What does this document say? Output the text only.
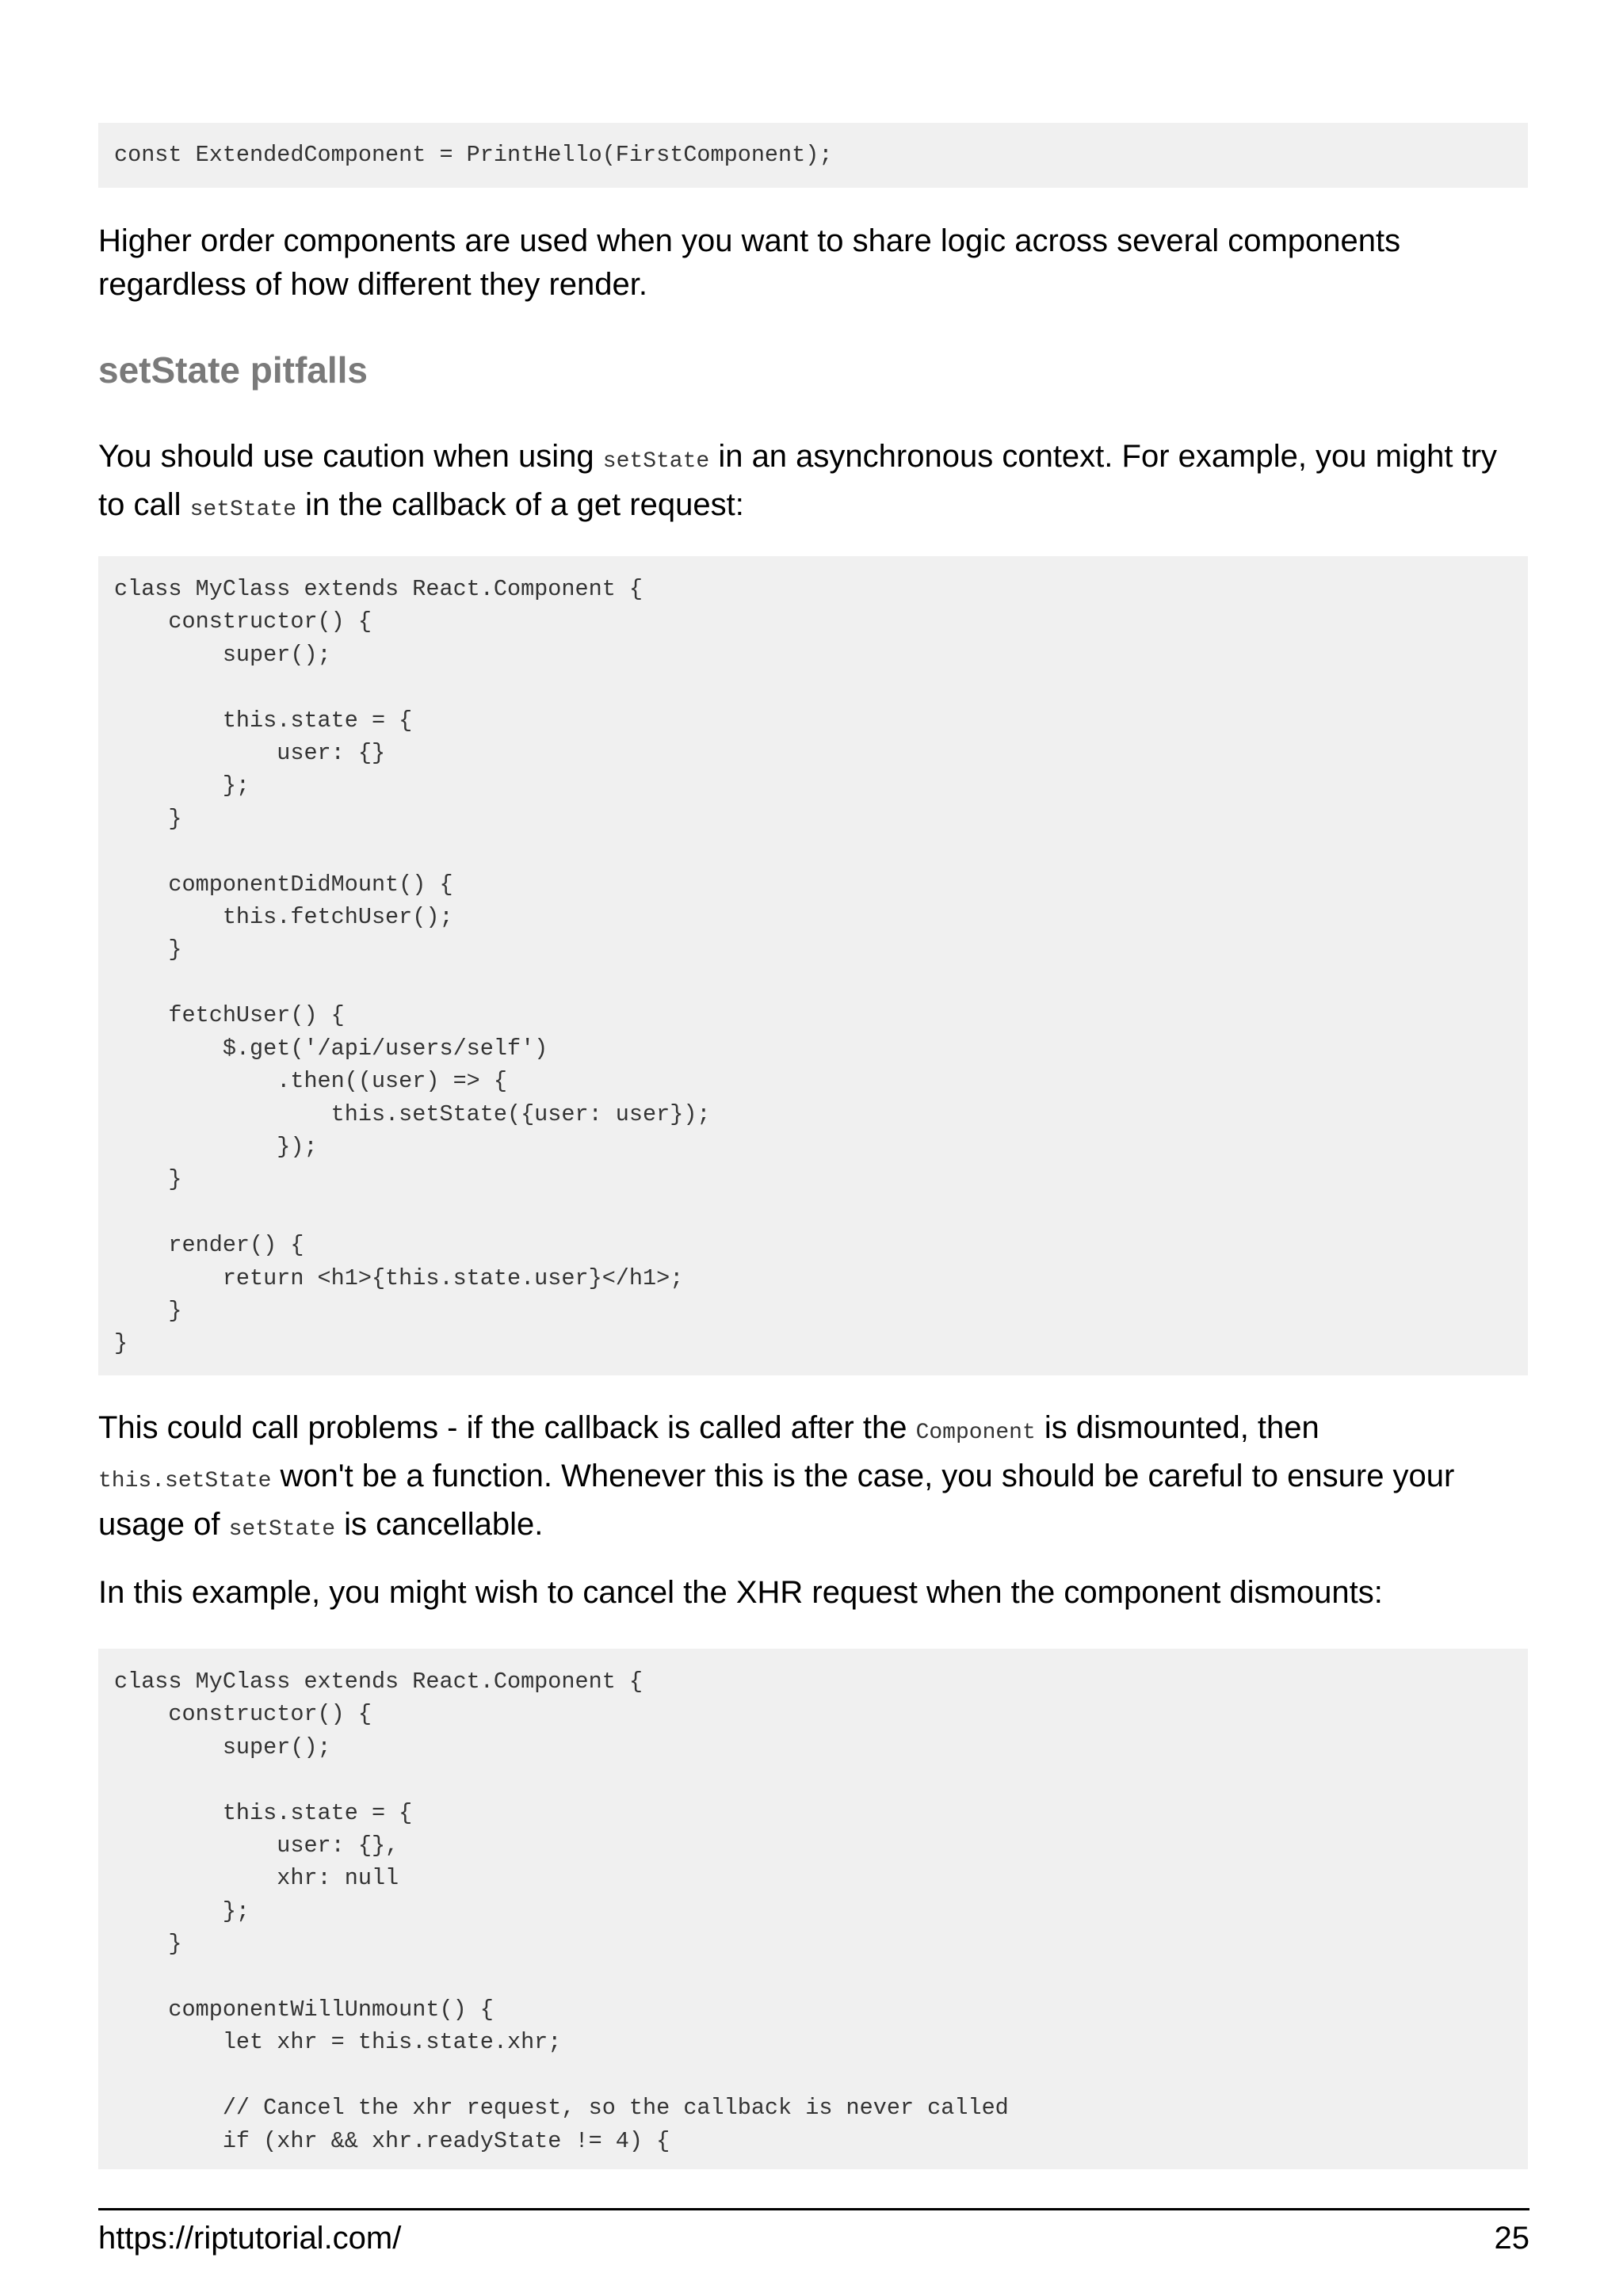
const ExtendedComponent = PrintHello(FirstComponent);

Higher order components are used when you want to share logic across several components regardless of how different they render.

setState pitfalls

You should use caution when using setState in an asynchronous context. For example, you might try to call setState in the callback of a get request:

class MyClass extends React.Component {
constructor() {
super();

this.state = {
user: {}
};
}

componentDidMount() {
this.fetchUser();
}

fetchUser() {
$.get('/api/users/self')
.then((user) => {
this.setState({user: user});
});
}

render() {
return <h1>{this.state.user}</h1>;
}
}

This could call problems - if the callback is called after the Component is dismounted, then
this.setState won't be a function. Whenever this is the case, you should be careful to ensure your usage of setState is cancellable.

In this example, you might wish to cancel the XHR request when the component dismounts:

class MyClass extends React.Component {
constructor() {
super();

this.state = {
user: {},
xhr: null
};
}

componentWillUnmount() {
let xhr = this.state.xhr;

// Cancel the xhr request, so the callback is never called
if (xhr && xhr.readyState != 4) {
https://riptutorial.com/	25
